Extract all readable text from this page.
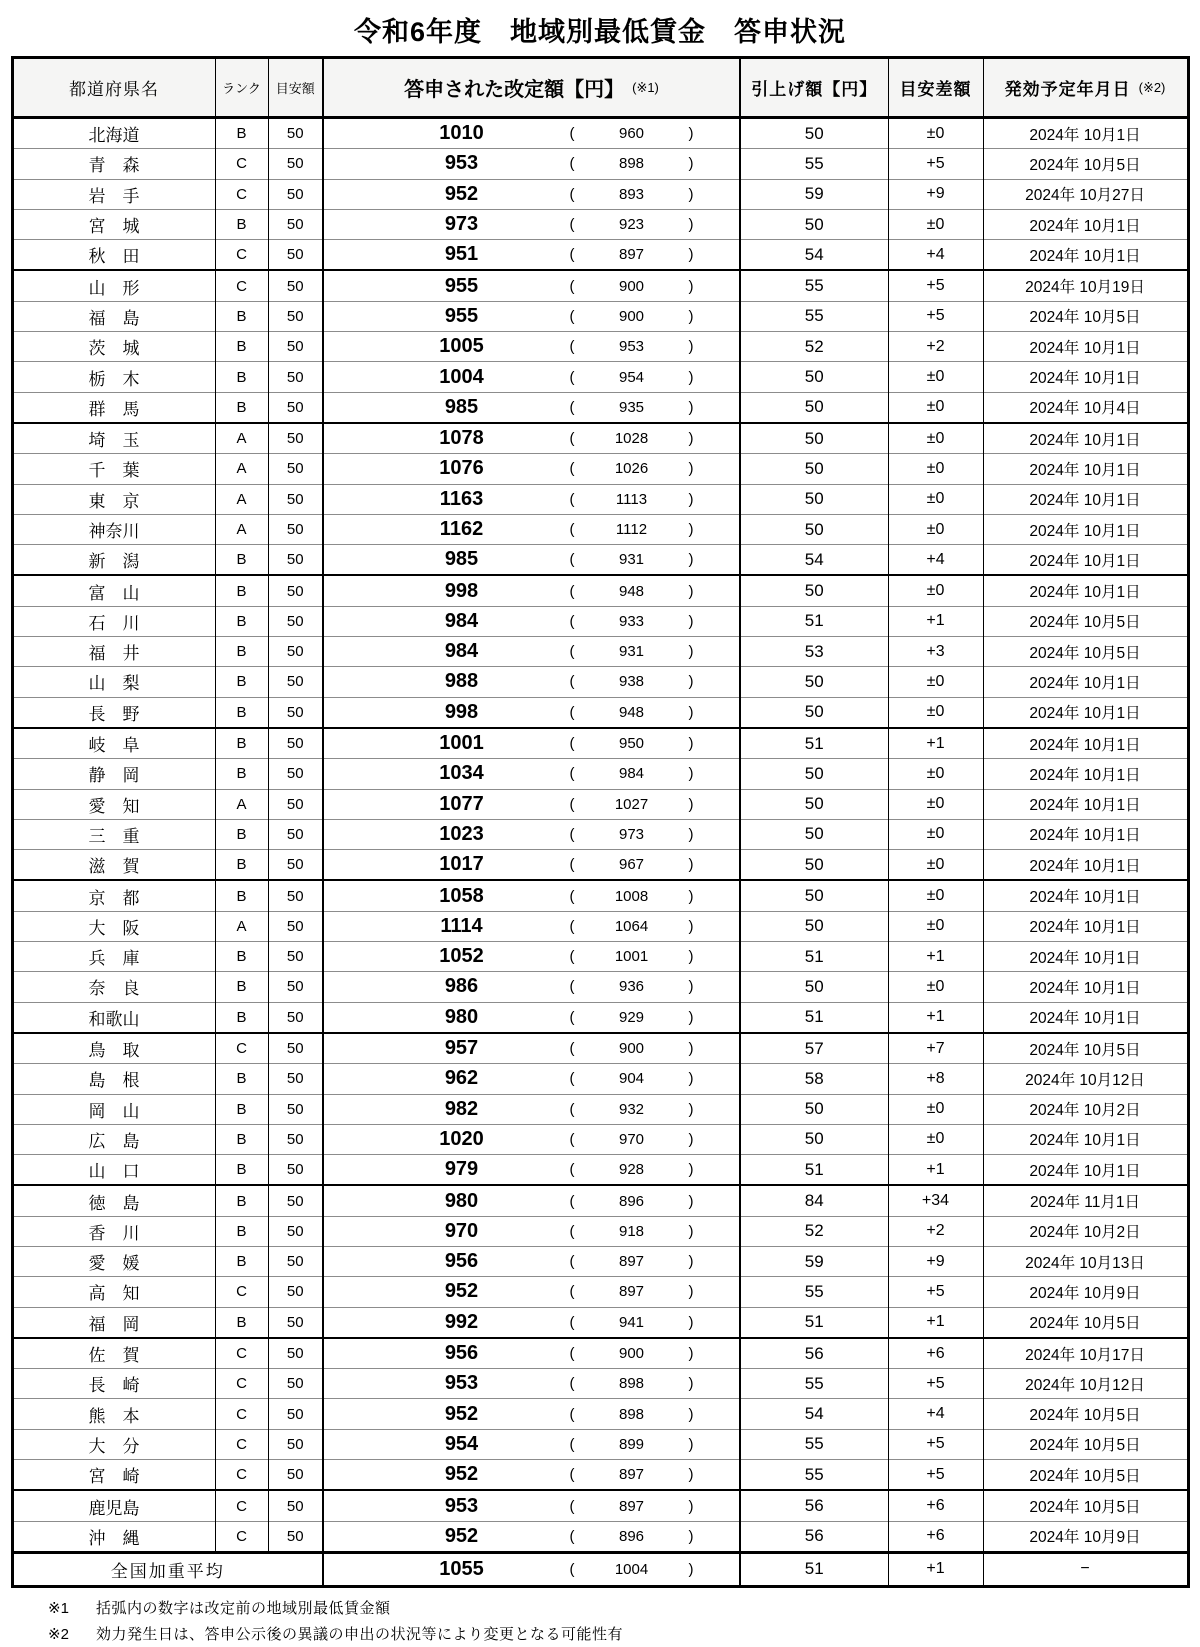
令和6年度　地域別最低賃金　答申状況
都道府県名	ランク	目安額	答申された改定額【円】 (※1)	引上げ額【円】	目安差額	発効予定年月日 (※2)

北海道	B	50	1010 ( 960 )	50	±0	2024年 10月1日
青　森	C	50	953 ( 898 )	55	+5	2024年 10月5日
岩　手	C	50	952 ( 893 )	59	+9	2024年 10月27日
宮　城	B	50	973 ( 923 )	50	±0	2024年 10月1日
秋　田	C	50	951 ( 897 )	54	+4	2024年 10月1日
山　形	C	50	955 ( 900 )	55	+5	2024年 10月19日
福　島	B	50	955 ( 900 )	55	+5	2024年 10月5日
茨　城	B	50	1005 ( 953 )	52	+2	2024年 10月1日
栃　木	B	50	1004 ( 954 )	50	±0	2024年 10月1日
群　馬	B	50	985 ( 935 )	50	±0	2024年 10月4日
埼　玉	A	50	1078 ( 1028 )	50	±0	2024年 10月1日
千　葉	A	50	1076 ( 1026 )	50	±0	2024年 10月1日
東　京	A	50	1163 ( 1113 )	50	±0	2024年 10月1日
神奈川	A	50	1162 ( 1112 )	50	±0	2024年 10月1日
新　潟	B	50	985 ( 931 )	54	+4	2024年 10月1日
富　山	B	50	998 ( 948 )	50	±0	2024年 10月1日
石　川	B	50	984 ( 933 )	51	+1	2024年 10月5日
福　井	B	50	984 ( 931 )	53	+3	2024年 10月5日
山　梨	B	50	988 ( 938 )	50	±0	2024年 10月1日
長　野	B	50	998 ( 948 )	50	±0	2024年 10月1日
岐　阜	B	50	1001 ( 950 )	51	+1	2024年 10月1日
静　岡	B	50	1034 ( 984 )	50	±0	2024年 10月1日
愛　知	A	50	1077 ( 1027 )	50	±0	2024年 10月1日
三　重	B	50	1023 ( 973 )	50	±0	2024年 10月1日
滋　賀	B	50	1017 ( 967 )	50	±0	2024年 10月1日
京　都	B	50	1058 ( 1008 )	50	±0	2024年 10月1日
大　阪	A	50	1114 ( 1064 )	50	±0	2024年 10月1日
兵　庫	B	50	1052 ( 1001 )	51	+1	2024年 10月1日
奈　良	B	50	986 ( 936 )	50	±0	2024年 10月1日
和歌山	B	50	980 ( 929 )	51	+1	2024年 10月1日
鳥　取	C	50	957 ( 900 )	57	+7	2024年 10月5日
島　根	B	50	962 ( 904 )	58	+8	2024年 10月12日
岡　山	B	50	982 ( 932 )	50	±0	2024年 10月2日
広　島	B	50	1020 ( 970 )	50	±0	2024年 10月1日
山　口	B	50	979 ( 928 )	51	+1	2024年 10月1日
徳　島	B	50	980 ( 896 )	84	+34	2024年 11月1日
香　川	B	50	970 ( 918 )	52	+2	2024年 10月2日
愛　媛	B	50	956 ( 897 )	59	+9	2024年 10月13日
高　知	C	50	952 ( 897 )	55	+5	2024年 10月9日
福　岡	B	50	992 ( 941 )	51	+1	2024年 10月5日
佐　賀	C	50	956 ( 900 )	56	+6	2024年 10月17日
長　崎	C	50	953 ( 898 )	55	+5	2024年 10月12日
熊　本	C	50	952 ( 898 )	54	+4	2024年 10月5日
大　分	C	50	954 ( 899 )	55	+5	2024年 10月5日
宮　崎	C	50	952 ( 897 )	55	+5	2024年 10月5日
鹿児島	C	50	953 ( 897 )	56	+6	2024年 10月5日
沖　縄	C	50	952 ( 896 )	56	+6	2024年 10月9日
全国加重平均			1055 ( 1004 )	51	+1	−
※1	括弧内の数字は改定前の地域別最低賃金額
※2	効力発生日は、答申公示後の異議の申出の状況等により変更となる可能性有
